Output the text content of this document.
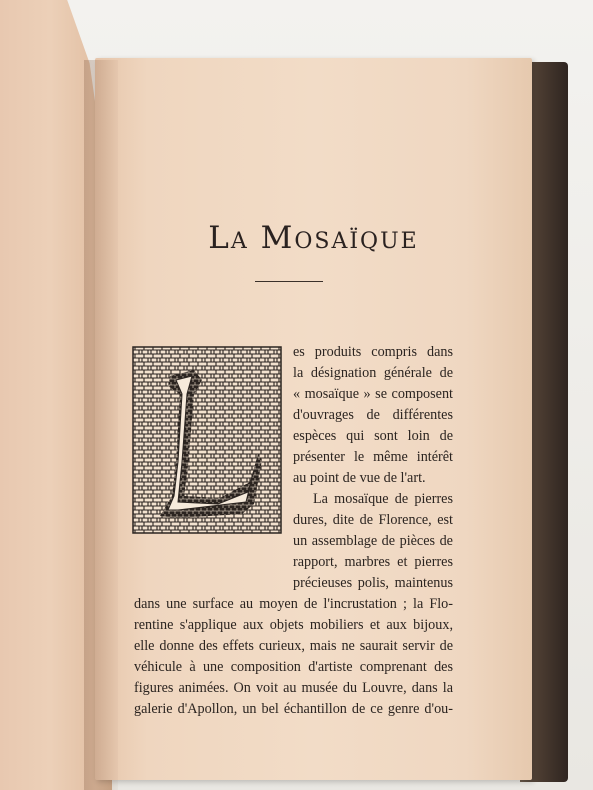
La Mosaïque
es produits compris dans
la désignation générale de
« mosaïque » se composent
d'ouvrages de différentes
espèces qui sont loin de
présenter le même intérêt
au point de vue de l'art.
La mosaïque de pierres
dures, dite de Florence, est
un assemblage de pièces de
rapport, marbres et pierres
précieuses polis, maintenus
dans une surface au moyen de l'incrustation ; la Flo-
rentine s'applique aux objets mobiliers et aux bijoux,
elle donne des effets curieux, mais ne saurait servir de
véhicule à une composition d'artiste comprenant des
figures animées. On voit au musée du Louvre, dans la
galerie d'Apollon, un bel échantillon de ce genre d'ou-
